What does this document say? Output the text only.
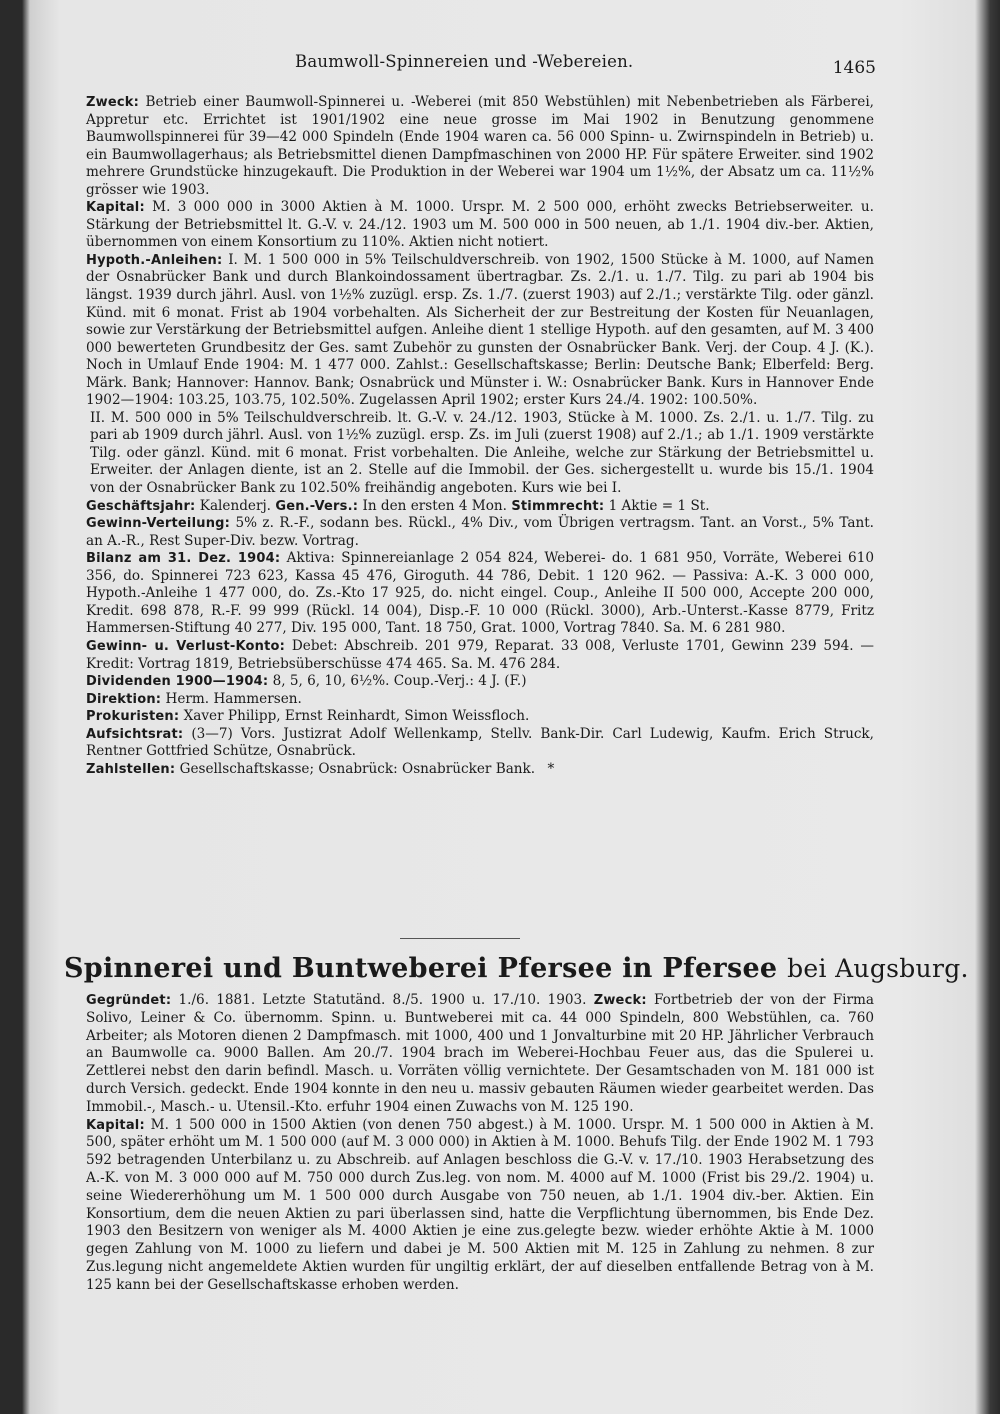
Baumwoll-Spinnereien und -Webereien.	1465

Zweck: Betrieb einer Baumwoll-Spinnerei u. -Weberei (mit 850 Webstühlen) mit Nebenbetrieben als Färberei, Appretur etc. Errichtet ist 1901/1902 eine neue grosse im Mai 1902 in Benutzung genommene Baumwollspinnerei für 39—42 000 Spindeln (Ende 1904 waren ca. 56 000 Spinn- u. Zwirnspindeln in Betrieb) u. ein Baumwollagerhaus; als Betriebsmittel dienen Dampfmaschinen von 2000 HP. Für spätere Erweiter. sind 1902 mehrere Grundstücke hinzugekauft. Die Produktion in der Weberei war 1904 um 1½%, der Absatz um ca. 11½% grösser wie 1903.

Kapital: M. 3 000 000 in 3000 Aktien à M. 1000. Urspr. M. 2 500 000, erhöht zwecks Betriebserweiter. u. Stärkung der Betriebsmittel lt. G.-V. v. 24./12. 1903 um M. 500 000 in 500 neuen, ab 1./1. 1904 div.-ber. Aktien, übernommen von einem Konsortium zu 110%. Aktien nicht notiert.

Hypoth.-Anleihen: I. M. 1 500 000 in 5% Teilschuldverschreib. von 1902, 1500 Stücke à M. 1000, auf Namen der Osnabrücker Bank und durch Blankoindossament übertragbar. Zs. 2./1. u. 1./7. Tilg. zu pari ab 1904 bis längst. 1939 durch jährl. Ausl. von 1½% zuzügl. ersp. Zs. 1./7. (zuerst 1903) auf 2./1.; verstärkte Tilg. oder gänzl. Künd. mit 6 monat. Frist ab 1904 vorbehalten. Als Sicherheit der zur Bestreitung der Kosten für Neuanlagen, sowie zur Verstärkung der Betriebsmittel aufgen. Anleihe dient 1 stellige Hypoth. auf den gesamten, auf M. 3 400 000 bewerteten Grundbesitz der Ges. samt Zubehör zu gunsten der Osnabrücker Bank. Verj. der Coup. 4 J. (K.). Noch in Umlauf Ende 1904: M. 1 477 000. Zahlst.: Gesellschaftskasse; Berlin: Deutsche Bank; Elberfeld: Berg. Märk. Bank; Hannover: Hannov. Bank; Osnabrück und Münster i. W.: Osnabrücker Bank. Kurs in Hannover Ende 1902—1904: 103.25, 103.75, 102.50%. Zugelassen April 1902; erster Kurs 24./4. 1902: 100.50%.

II. M. 500 000 in 5% Teilschuldverschreib. lt. G.-V. v. 24./12. 1903, Stücke à M. 1000. Zs. 2./1. u. 1./7. Tilg. zu pari ab 1909 durch jährl. Ausl. von 1½% zuzügl. ersp. Zs. im Juli (zuerst 1908) auf 2./1.; ab 1./1. 1909 verstärkte Tilg. oder gänzl. Künd. mit 6 monat. Frist vorbehalten. Die Anleihe, welche zur Stärkung der Betriebsmittel u. Erweiter. der Anlagen diente, ist an 2. Stelle auf die Immobil. der Ges. sichergestellt u. wurde bis 15./1. 1904 von der Osnabrücker Bank zu 102.50% freihändig angeboten. Kurs wie bei I.

Geschäftsjahr: Kalenderj. Gen.-Vers.: In den ersten 4 Mon. Stimmrecht: 1 Aktie = 1 St.

Gewinn-Verteilung: 5% z. R.-F., sodann bes. Rückl., 4% Div., vom Übrigen vertragsm. Tant. an Vorst., 5% Tant. an A.-R., Rest Super-Div. bezw. Vortrag.

Bilanz am 31. Dez. 1904: Aktiva: Spinnereianlage 2 054 824, Weberei- do. 1 681 950, Vorräte, Weberei 610 356, do. Spinnerei 723 623, Kassa 45 476, Giroguth. 44 786, Debit. 1 120 962. — Passiva: A.-K. 3 000 000, Hypoth.-Anleihe 1 477 000, do. Zs.-Kto 17 925, do. nicht eingel. Coup., Anleihe II 500 000, Accepte 200 000, Kredit. 698 878, R.-F. 99 999 (Rückl. 14 004), Disp.-F. 10 000 (Rückl. 3000), Arb.-Unterst.-Kasse 8779, Fritz Hammersen-Stiftung 40 277, Div. 195 000, Tant. 18 750, Grat. 1000, Vortrag 7840. Sa. M. 6 281 980.

Gewinn- u. Verlust-Konto: Debet: Abschreib. 201 979, Reparat. 33 008, Verluste 1701, Gewinn 239 594. — Kredit: Vortrag 1819, Betriebsüberschüsse 474 465. Sa. M. 476 284.

Dividenden 1900—1904: 8, 5, 6, 10, 6½%. Coup.-Verj.: 4 J. (F.)

Direktion: Herm. Hammersen.

Prokuristen: Xaver Philipp, Ernst Reinhardt, Simon Weissfloch.

Aufsichtsrat: (3—7) Vors. Justizrat Adolf Wellenkamp, Stellv. Bank-Dir. Carl Ludewig, Kaufm. Erich Struck, Rentner Gottfried Schütze, Osnabrück.

Zahlstellen: Gesellschaftskasse; Osnabrück: Osnabrücker Bank. *

Spinnerei und Buntweberei Pfersee in Pfersee bei Augsburg.

Gegründet: 1./6. 1881. Letzte Statutänd. 8./5. 1900 u. 17./10. 1903. Zweck: Fortbetrieb der von der Firma Solivo, Leiner & Co. übernomm. Spinn. u. Buntweberei mit ca. 44 000 Spindeln, 800 Webstühlen, ca. 760 Arbeiter; als Motoren dienen 2 Dampfmasch. mit 1000, 400 und 1 Jonvalturbine mit 20 HP. Jährlicher Verbrauch an Baumwolle ca. 9000 Ballen. Am 20./7. 1904 brach im Weberei-Hochbau Feuer aus, das die Spulerei u. Zettlerei nebst den darin befindl. Masch. u. Vorräten völlig vernichtete. Der Gesamtschaden von M. 181 000 ist durch Versich. gedeckt. Ende 1904 konnte in den neu u. massiv gebauten Räumen wieder gearbeitet werden. Das Immobil.-, Masch.- u. Utensil.-Kto. erfuhr 1904 einen Zuwachs von M. 125 190.

Kapital: M. 1 500 000 in 1500 Aktien (von denen 750 abgest.) à M. 1000. Urspr. M. 1 500 000 in Aktien à M. 500, später erhöht um M. 1 500 000 (auf M. 3 000 000) in Aktien à M. 1000. Behufs Tilg. der Ende 1902 M. 1 793 592 betragenden Unterbilanz u. zu Abschreib. auf Anlagen beschloss die G.-V. v. 17./10. 1903 Herabsetzung des A.-K. von M. 3 000 000 auf M. 750 000 durch Zus.leg. von nom. M. 4000 auf M. 1000 (Frist bis 29./2. 1904) u. seine Wiedererhöhung um M. 1 500 000 durch Ausgabe von 750 neuen, ab 1./1. 1904 div.-ber. Aktien. Ein Konsortium, dem die neuen Aktien zu pari überlassen sind, hatte die Verpflichtung übernommen, bis Ende Dez. 1903 den Besitzern von weniger als M. 4000 Aktien je eine zus.gelegte bezw. wieder erhöhte Aktie à M. 1000 gegen Zahlung von M. 1000 zu liefern und dabei je M. 500 Aktien mit M. 125 in Zahlung zu nehmen. 8 zur Zus.legung nicht angemeldete Aktien wurden für ungiltig erklärt, der auf dieselben entfallende Betrag von à M. 125 kann bei der Gesellschaftskasse erhoben werden.
